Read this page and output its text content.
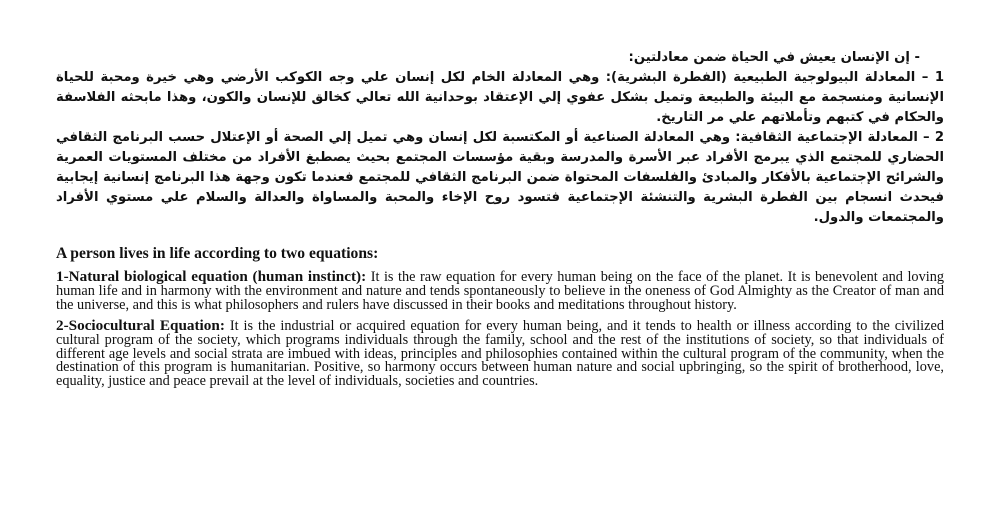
- إن الإنسان يعيش في الحياة ضمن معادلتين:

1 – المعادلة البيولوجية الطبيعية (الفطرة البشرية): وهي المعادلة الخام لكل إنسان علي وجه الكوكب الأرضي وهي خيرة ومحبة للحياة الإنسانية ومنسجمة مع البيئة والطبيعة وتميل بشكل عفوي إلي الإعتقاد بوحدانية الله تعالي كخالق للإنسان والكون، وهذا مابحثه الفلاسفة والحكام في كتبهم وتأملاتهم علي مر التاريخ.

2 – المعادلة الإجتماعية الثقافية: وهي المعادلة الصناعية أو المكتسبة لكل إنسان وهي تميل إلي الصحة أو الإعتلال حسب البرنامج الثقافي الحضاري للمجتمع الذي يبرمج الأفراد عبر الأسرة والمدرسة وبقية مؤسسات المجتمع بحيث يصطبغ الأفراد من مختلف المستويات العمرية والشرائح الإجتماعية بالأفكار والمبادئ والفلسفات المحتواة ضمن البرنامج الثقافي للمجتمع فعندما تكون وجهة هذا البرنامج إنسانية إيجابية فيحدث انسجام بين الفطرة البشرية والتنشئة الإجتماعية فتسود روح الإخاء والمحبة والمساواة والعدالة والسلام علي مستوي الأفراد والمجتمعات والدول.

A person lives in life according to two equations:

1-Natural biological equation (human instinct): It is the raw equation for every human being on the face of the planet. It is benevolent and loving human life and in harmony with the environment and nature and tends spontaneously to believe in the oneness of God Almighty as the Creator of man and the universe, and this is what philosophers and rulers have discussed in their books and meditations throughout history.

2-Sociocultural Equation: It is the industrial or acquired equation for every human being, and it tends to health or illness according to the civilized cultural program of the society, which programs individuals through the family, school and the rest of the institutions of society, so that individuals of different age levels and social strata are imbued with ideas, principles and philosophies contained within the cultural program of the community, when the destination of this program is humanitarian. Positive, so harmony occurs between human nature and social upbringing, so the spirit of brotherhood, love, equality, justice and peace prevail at the level of individuals, societies and countries.
